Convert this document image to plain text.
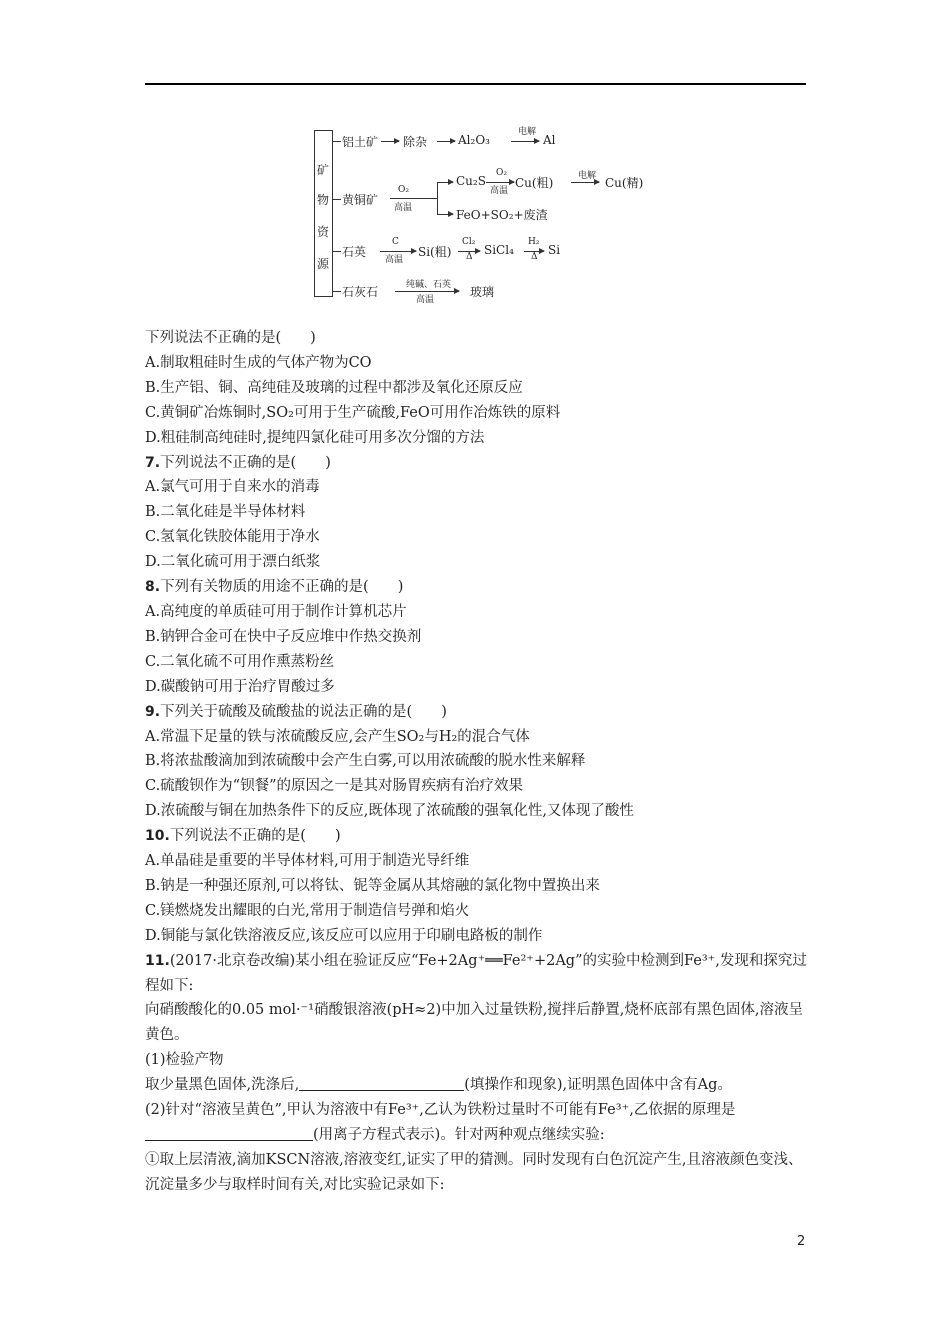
矿
物
资
源
铝土矿 除杂	Al₂O₃
电解
Al
黄铜矿
O₂
高温
Cu₂S
O₂
高温
Cu(粗)	电解 Cu(精)
FeO+SO₂+废渣
石英
C
高温
Si(粗)
Cl₂
Δ SiCl₄
H₂
Δ Si
石灰石	纯碱、石英
高温
玻璃
下列说法不正确的是(　　)
A.制取粗硅时生成的气体产物为CO
B.生产铝、铜、高纯硅及玻璃的过程中都涉及氧化还原反应
C.黄铜矿冶炼铜时,SO₂可用于生产硫酸,FeO可用作冶炼铁的原料
D.粗硅制高纯硅时,提纯四氯化硅可用多次分馏的方法
7.下列说法不正确的是(　　)
A.氯气可用于自来水的消毒
B.二氧化硅是半导体材料
C.氢氧化铁胶体能用于净水
D.二氧化硫可用于漂白纸浆
8.下列有关物质的用途不正确的是(　　)
A.高纯度的单质硅可用于制作计算机芯片
B.钠钾合金可在快中子反应堆中作热交换剂
C.二氧化硫不可用作熏蒸粉丝
D.碳酸钠可用于治疗胃酸过多
9.下列关于硫酸及硫酸盐的说法正确的是(　　)
A.常温下足量的铁与浓硫酸反应,会产生SO₂与H₂的混合气体
B.将浓盐酸滴加到浓硫酸中会产生白雾,可以用浓硫酸的脱水性来解释
C.硫酸钡作为“钡餐”的原因之一是其对肠胃疾病有治疗效果
D.浓硫酸与铜在加热条件下的反应,既体现了浓硫酸的强氧化性,又体现了酸性
10.下列说法不正确的是(　　)
A.单晶硅是重要的半导体材料,可用于制造光导纤维
B.钠是一种强还原剂,可以将钛、铌等金属从其熔融的氯化物中置换出来
C.镁燃烧发出耀眼的白光,常用于制造信号弹和焰火
D.铜能与氯化铁溶液反应,该反应可以应用于印刷电路板的制作
11.(2017·北京卷改编)某小组在验证反应“Fe+2Ag⁺══Fe²⁺+2Ag”的实验中检测到Fe³⁺,发现和探究过程如下:
向硝酸酸化的0.05 mol·⁻¹硝酸银溶液(pH≈2)中加入过量铁粉,搅拌后静置,烧杯底部有黑色固体,溶液呈黄色。
(1)检验产物
取少量黑色固体,洗涤后,	(填操作和现象),证明黑色固体中含有Ag。
(2)针对“溶液呈黄色”,甲认为溶液中有Fe³⁺,乙认为铁粉过量时不可能有Fe³⁺,乙依据的原理是(用离子方程式表示)。针对两种观点继续实验:
①取上层清液,滴加KSCN溶液,溶液变红,证实了甲的猜测。同时发现有白色沉淀产生,且溶液颜色变浅、沉淀量多少与取样时间有关,对比实验记录如下:
2
